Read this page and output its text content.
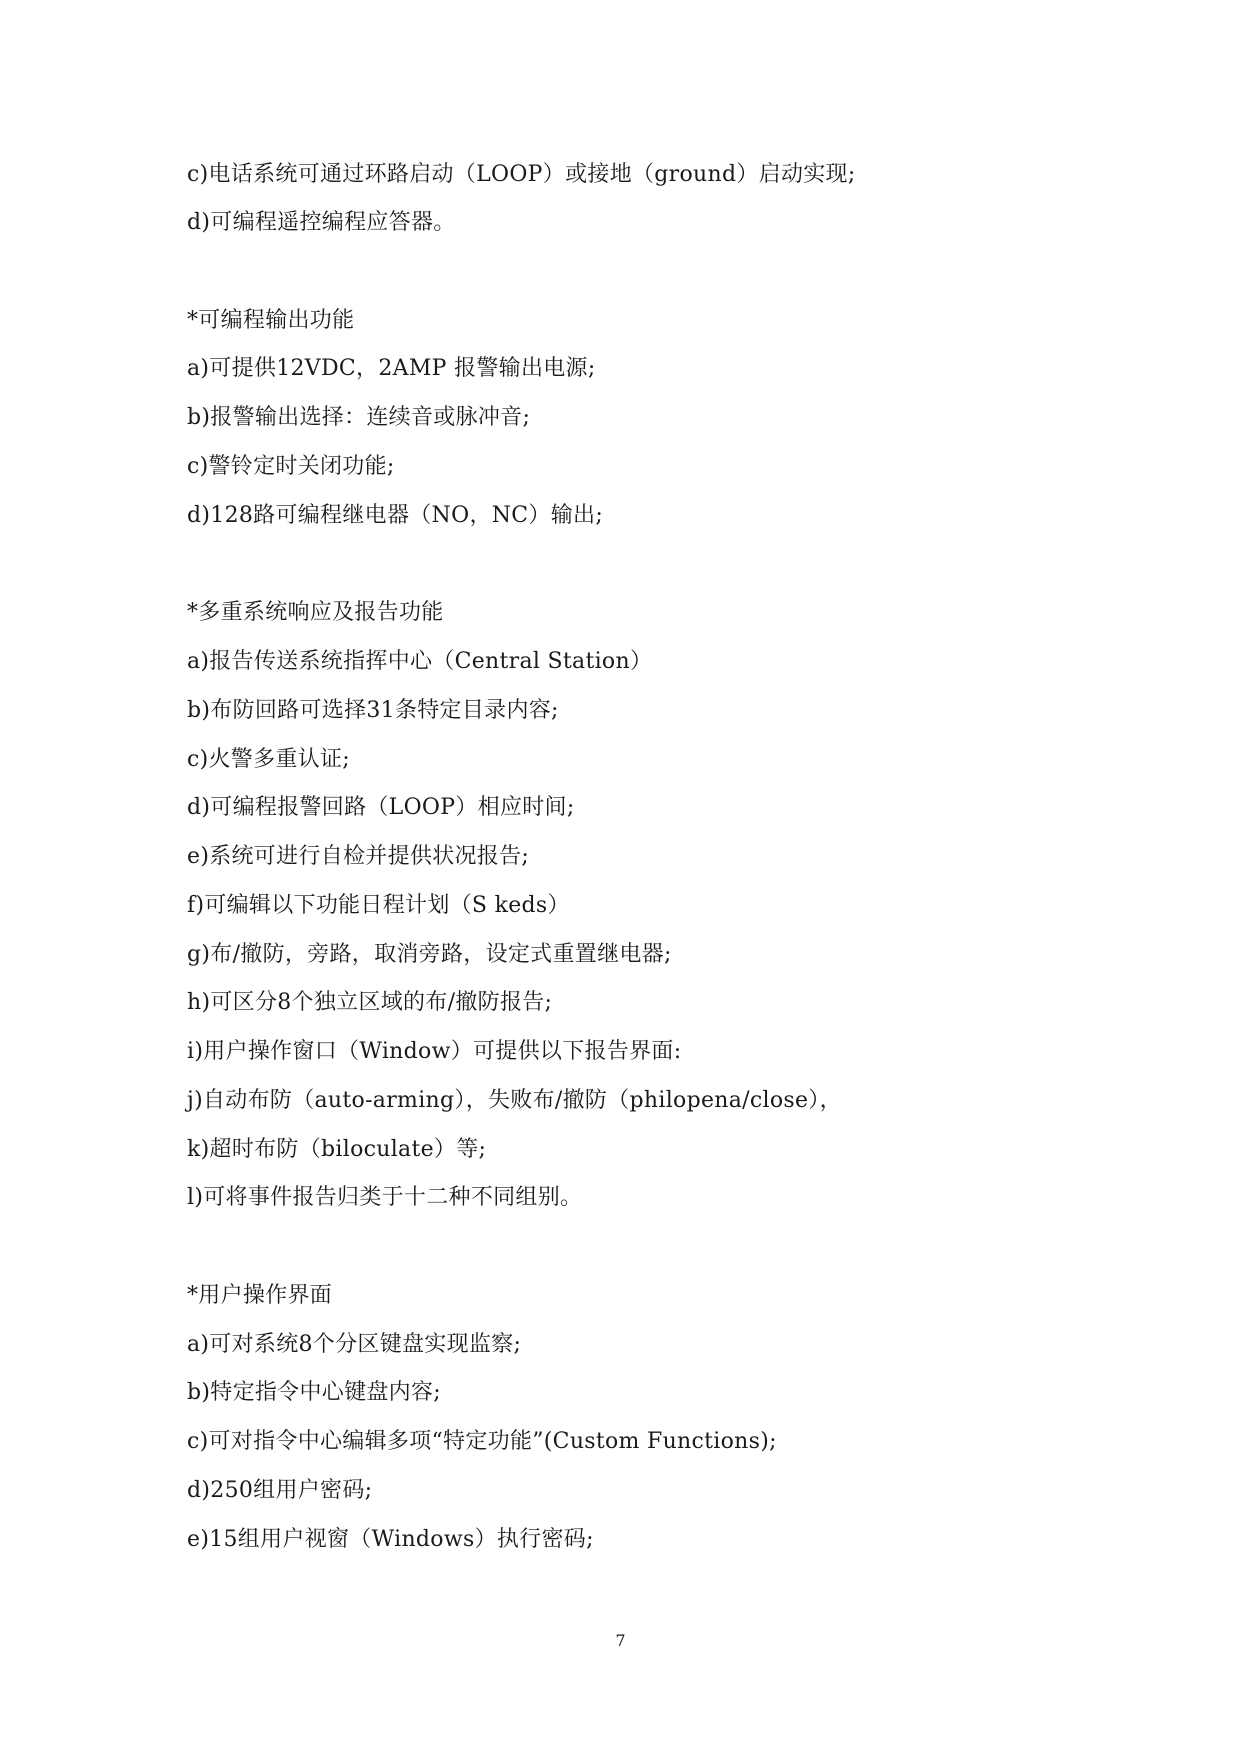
c)电话系统可通过环路启动（LOOP）或接地（ground）启动实现;
d)可编程遥控编程应答器。
*可编程输出功能
a)可提供12VDC，2AMP 报警输出电源;
b)报警输出选择：连续音或脉冲音;
c)警铃定时关闭功能;
d)128路可编程继电器（NO，NC）输出;
*多重系统响应及报告功能
a)报告传送系统指挥中心（Central Station）
b)布防回路可选择31条特定目录内容;
c)火警多重认证;
d)可编程报警回路（LOOP）相应时间;
e)系统可进行自检并提供状况报告;
f)可编辑以下功能日程计划（S keds）
g)布/撤防，旁路，取消旁路，设定式重置继电器;
h)可区分8个独立区域的布/撤防报告;
i)用户操作窗口（Window）可提供以下报告界面:
j)自动布防（auto-arming），失败布/撤防（philopena/close），
k)超时布防（biloculate）等;
l)可将事件报告归类于十二种不同组别。
*用户操作界面
a)可对系统8个分区键盘实现监察;
b)特定指令中心键盘内容;
c)可对指令中心编辑多项“特定功能”(Custom Functions);
d)250组用户密码;
e)15组用户视窗（Windows）执行密码;
7
